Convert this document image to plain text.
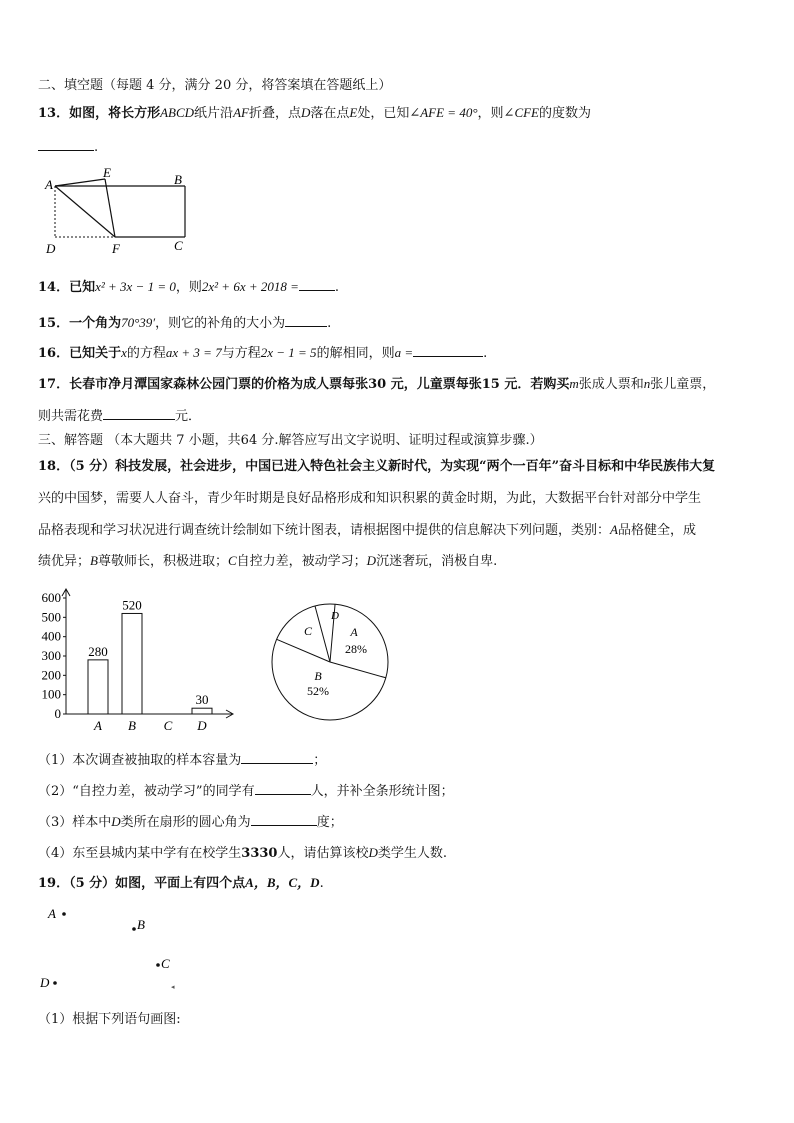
二、填空题（每题 4 分，满分 20 分，将答案填在答题纸上）
13．如图，将长方形ABCD纸片沿AF折叠，点D落在点E处，已知∠AFE = 40°，则∠CFE的度数为
.
A
E	B
D	F	C
14．已知x² + 3x − 1 = 0，则2x² + 6x + 2018 =	.
15．一个角为70°39′，则它的补角的大小为	.
16．已知关于x的方程ax + 3 = 7与方程2x − 1 = 5的解相同，则a =	.
17．长春市净月潭国家森林公园门票的价格为成人票每张30 元，儿童票每张15 元．若购买m张成人票和n张儿童票，
则共需花费	元．
三、解答题 （本大题共 7 小题，共64 分.解答应写出文字说明、证明过程或演算步骤.）
18．（5 分）科技发展，社会进步，中国已进入特色社会主义新时代，为实现“两个一百年”奋斗目标和中华民族伟大复
兴的中国梦，需要人人奋斗，青少年时期是良好品格形成和知识积累的黄金时期，为此，大数据平台针对部分中学生
品格表现和学习状况进行调查统计绘制如下统计图表，请根据图中提供的信息解决下列问题，类别：A品格健全，成
绩优异；B尊敬师长，积极进取；C自控力差，被动学习；D沉迷奢玩，消极自卑.
0
100
200
300
400
500
600
A
280
B
520
C D
30
A
28%
B
52%
C
D
（1）本次调查被抽取的样本容量为	；
（2）“自控力差，被动学习”的同学有	人，并补全条形统计图；
（3）样本中D类所在扇形的圆心角为	度；
（4）东至县城内某中学有在校学生3330人，请估算该校D类学生人数.
19．（5 分）如图，平面上有四个点A，B，C，D.
A
B
C
D	◂
（1）根据下列语句画图:
